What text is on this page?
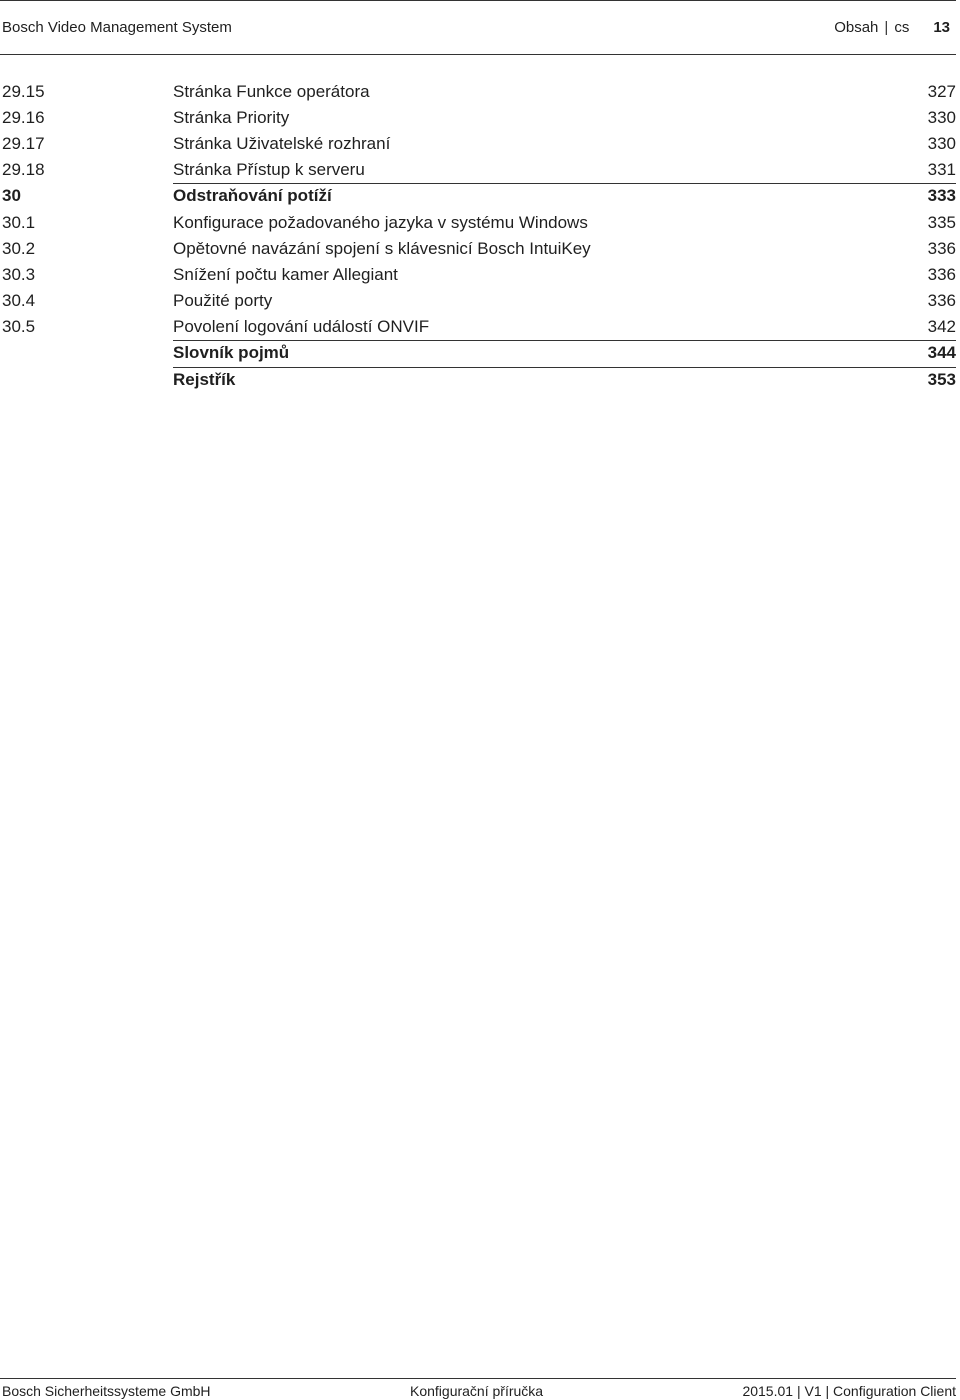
Bosch Video Management System	Obsah | cs 13
29.15	Stránka Funkce operátora	327
29.16	Stránka Priority	330
29.17	Stránka Uživatelské rozhraní	330
29.18	Stránka Přístup k serveru	331
30	Odstraňování potíží	333
30.1	Konfigurace požadovaného jazyka v systému Windows	335
30.2	Opětovné navázání spojení s klávesnicí Bosch IntuiKey	336
30.3	Snížení počtu kamer Allegiant	336
30.4	Použité porty	336
30.5	Povolení logování událostí ONVIF	342
Slovník pojmů	344
Rejstřík	353
Bosch Sicherheitssysteme GmbH	Konfigurační příručka	2015.01 | V1 | Configuration Client
